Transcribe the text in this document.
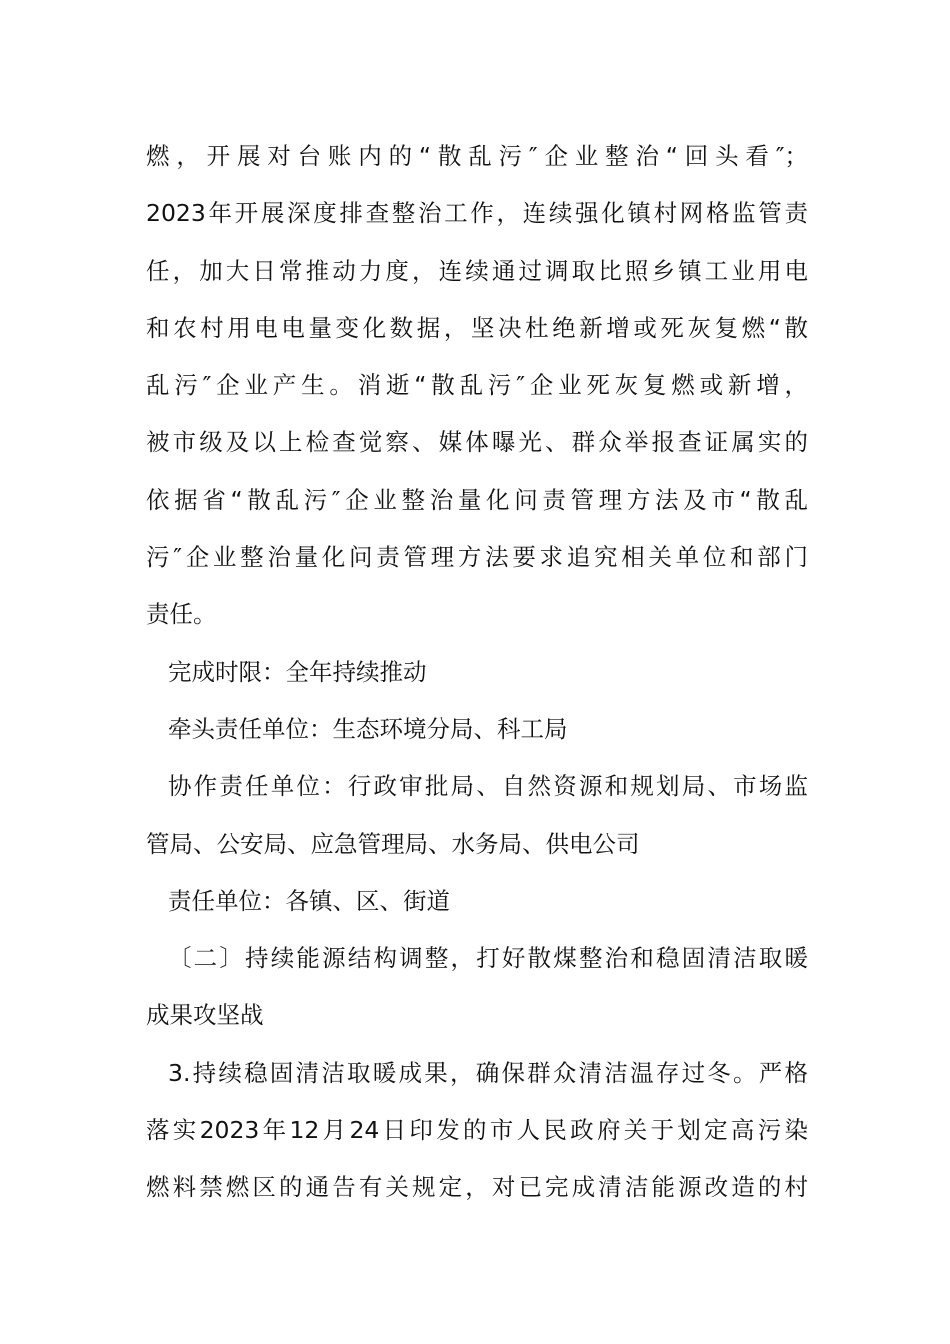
燃，开展对台账内的“散乱污″企业整治“回头看″；
2023年开展深度排查整治工作，连续强化镇村网格监管责
任，加大日常推动力度，连续通过调取比照乡镇工业用电
和农村用电电量变化数据，坚决杜绝新增或死灰复燃“散
乱污″企业产生。消逝“散乱污″企业死灰复燃或新增，
被市级及以上检查觉察、媒体曝光、群众举报查证属实的
依据省“散乱污″企业整治量化问责管理方法及市“散乱
污″企业整治量化问责管理方法要求追究相关单位和部门
责任。
完成时限：全年持续推动
牵头责任单位：生态环境分局、科工局
协作责任单位：行政审批局、自然资源和规划局、市场监
管局、公安局、应急管理局、水务局、供电公司
责任单位：各镇、区、街道
〔二〕持续能源结构调整，打好散煤整治和稳固清洁取暖
成果攻坚战
3.持续稳固清洁取暖成果，确保群众清洁温存过冬。严格
落实2023年12月24日印发的市人民政府关于划定高污染
燃料禁燃区的通告有关规定，对已完成清洁能源改造的村
